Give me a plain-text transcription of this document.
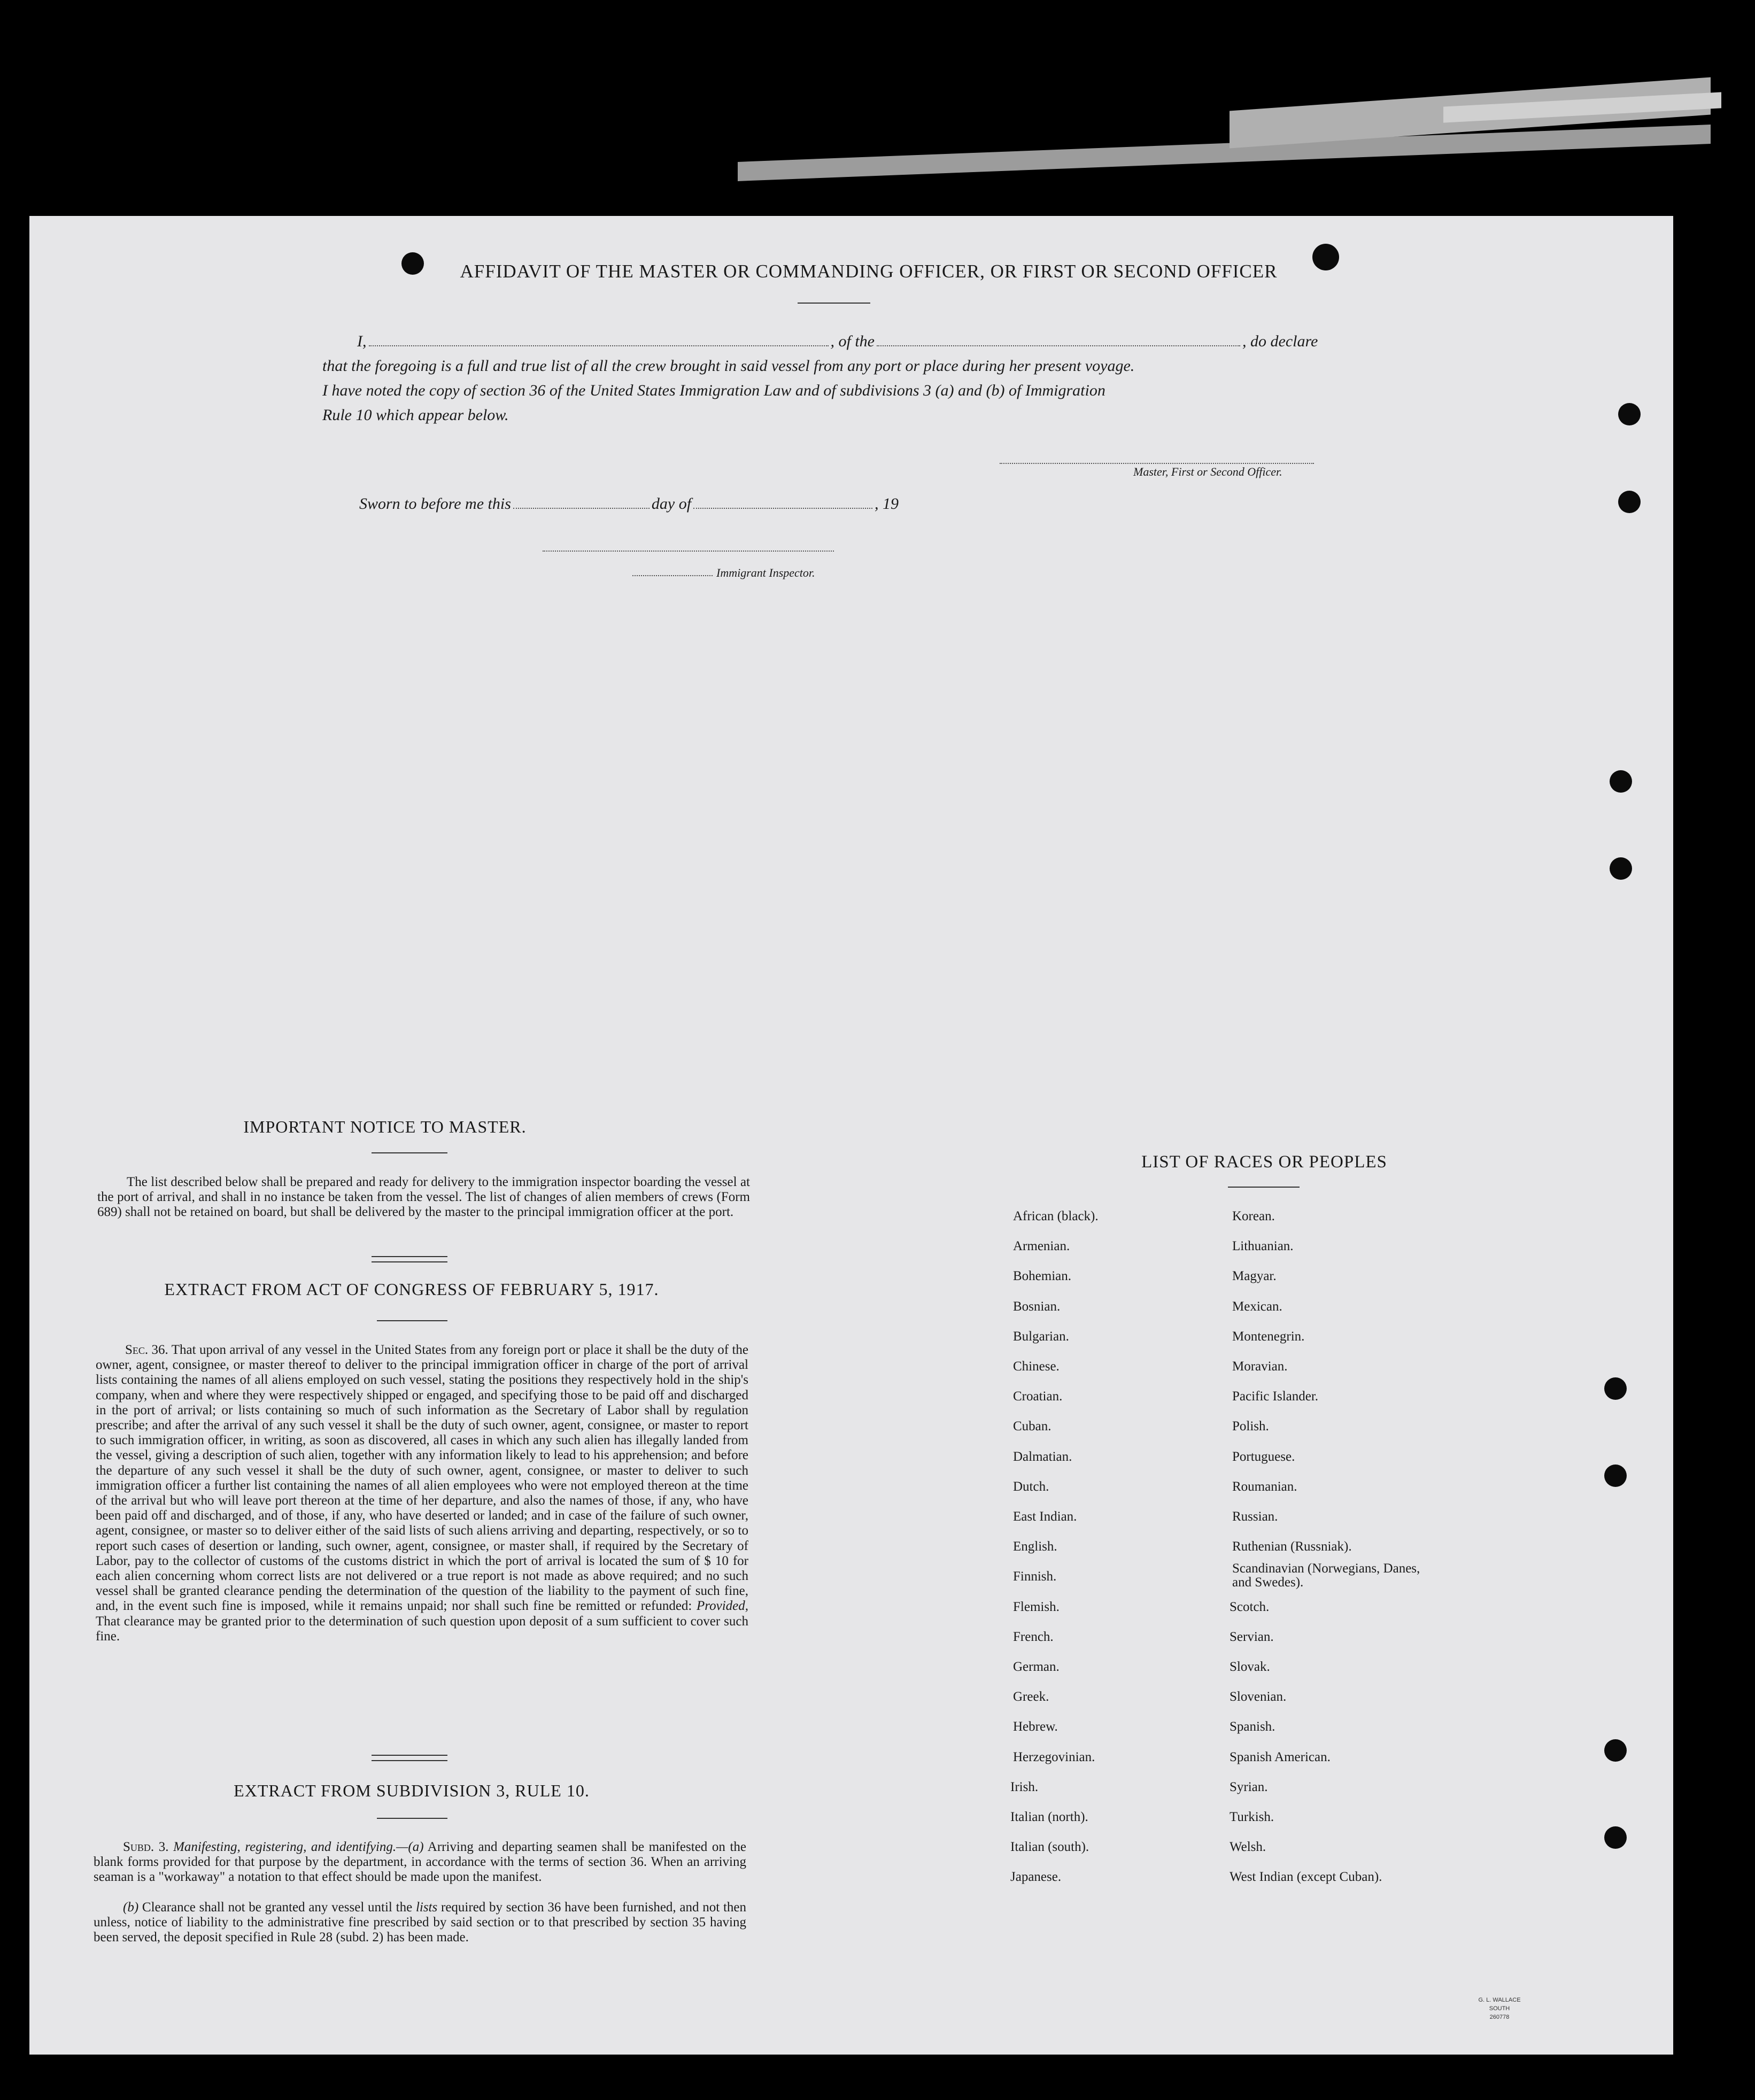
AFFIDAVIT OF THE MASTER OR COMMANDING OFFICER, OR FIRST OR SECOND OFFICER
I,	, of the	, do declare
that the foregoing is a full and true list of all the crew brought in said vessel from any port or place during her present voyage.
I have noted the copy of section 36 of the United States Immigration Law and of subdivisions 3 (a) and (b) of Immigration
Rule 10 which appear below.
Master, First or Second Officer.
Sworn to before me this	day of	, 19
Immigrant Inspector.
IMPORTANT NOTICE TO MASTER.
The list described below shall be prepared and ready for delivery to the immigration inspector boarding the vessel at the port of arrival, and shall in no instance be taken from the vessel. The list of changes of alien members of crews (Form 689) shall not be retained on board, but shall be delivered by the master to the principal immigration officer at the port.
EXTRACT FROM ACT OF CONGRESS OF FEBRUARY 5, 1917.
Sec. 36. That upon arrival of any vessel in the United States from any foreign port or place it shall be the duty of the owner, agent, consignee, or master thereof to deliver to the principal immigration officer in charge of the port of arrival lists containing the names of all aliens employed on such vessel, stating the positions they respectively hold in the ship's company, when and where they were respectively shipped or engaged, and specifying those to be paid off and discharged in the port of arrival; or lists containing so much of such information as the Secretary of Labor shall by regulation prescribe; and after the arrival of any such vessel it shall be the duty of such owner, agent, consignee, or master to report to such immigration officer, in writing, as soon as discovered, all cases in which any such alien has illegally landed from the vessel, giving a description of such alien, together with any information likely to lead to his apprehension; and before the departure of any such vessel it shall be the duty of such owner, agent, consignee, or master to deliver to such immigration officer a further list containing the names of all alien employees who were not employed thereon at the time of the arrival but who will leave port thereon at the time of her departure, and also the names of those, if any, who have been paid off and discharged, and of those, if any, who have deserted or landed; and in case of the failure of such owner, agent, consignee, or master so to deliver either of the said lists of such aliens arriving and departing, respectively, or so to report such cases of desertion or landing, such owner, agent, consignee, or master shall, if required by the Secretary of Labor, pay to the collector of customs of the customs district in which the port of arrival is located the sum of $ 10 for each alien concerning whom correct lists are not delivered or a true report is not made as above required; and no such vessel shall be granted clearance pending the determination of the question of the liability to the payment of such fine, and, in the event such fine is imposed, while it remains unpaid; nor shall such fine be remitted or refunded: Provided, That clearance may be granted prior to the determination of such question upon deposit of a sum sufficient to cover such fine.
EXTRACT FROM SUBDIVISION 3, RULE 10.
Subd. 3. Manifesting, registering, and identifying.—(a) Arriving and departing seamen shall be manifested on the blank forms provided for that purpose by the department, in accordance with the terms of section 36. When an arriving seaman is a "workaway" a notation to that effect should be made upon the manifest.
(b) Clearance shall not be granted any vessel until the lists required by section 36 have been furnished, and not then unless, notice of liability to the administrative fine prescribed by said section or to that prescribed by section 35 having been served, the deposit specified in Rule 28 (subd. 2) has been made.
LIST OF RACES OR PEOPLES
G. L. WALLACE SOUTH
260778
African (black).
Armenian.
Bohemian.
Bosnian.
Bulgarian.
Chinese.
Croatian.
Cuban.
Dalmatian.
Dutch.
East Indian.
English.
Finnish.
Flemish.
French.
German.
Greek.
Hebrew.
Herzegovinian.
Irish.
Italian (north).
Italian (south).
Japanese.
Korean.
Lithuanian.
Magyar.
Mexican.
Montenegrin.
Moravian.
Pacific Islander.
Polish.
Portuguese.
Roumanian.
Russian.
Ruthenian (Russniak).
Scandinavian (Norwegians, Danes, and Swedes).
Scotch.
Servian.
Slovak.
Slovenian.
Spanish.
Spanish American.
Syrian.
Turkish.
Welsh.
West Indian (except Cuban).
